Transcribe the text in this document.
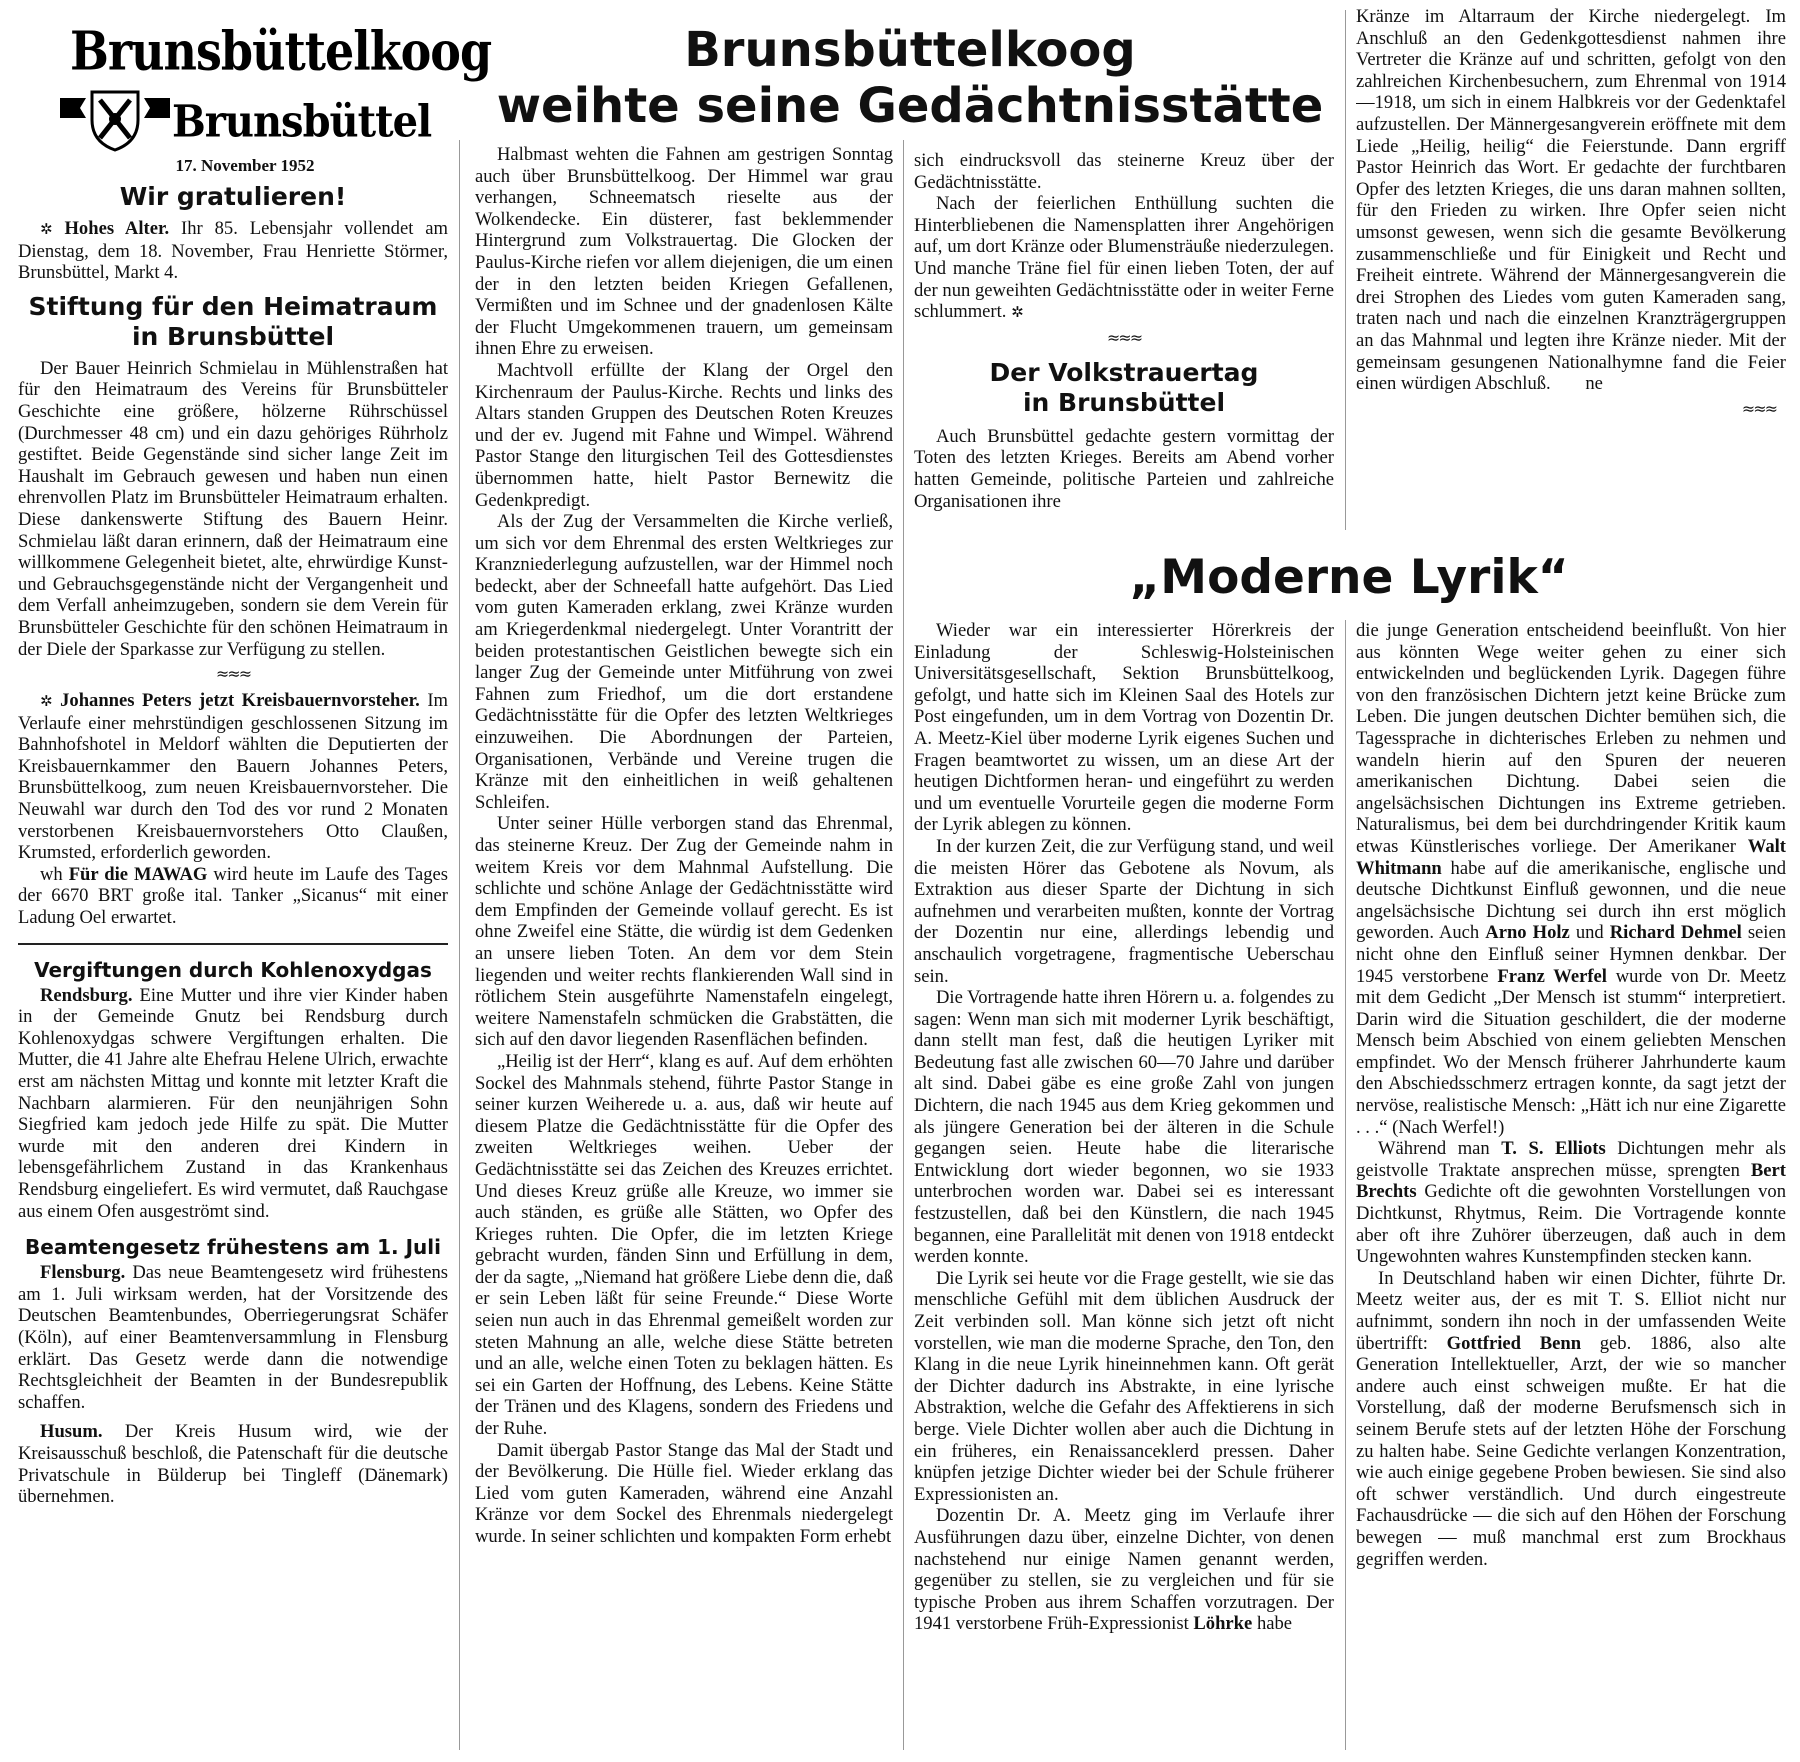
Brunsbüttelkoog
Brunsbüttel
17. November 1952
Wir gratulieren!

✲ Hohes Alter. Ihr 85. Lebensjahr vollendet am Dienstag, dem 18. November, Frau Henriette Störmer, Brunsbüttel, Markt 4.

Stiftung für den Heimatraum
in Brunsbüttel

Der Bauer Heinrich Schmielau in Mühlenstraßen hat für den Heimatraum des Vereins für Brunsbütteler Geschichte eine größere, hölzerne Rührschüssel (Durchmesser 48 cm) und ein dazu gehöriges Rührholz gestiftet. Beide Gegenstände sind sicher lange Zeit im Haushalt im Gebrauch gewesen und haben nun einen ehrenvollen Platz im Brunsbütteler Heimatraum erhalten. Diese dankenswerte Stiftung des Bauern Heinr. Schmielau läßt daran erinnern, daß der Heimatraum eine willkommene Gelegenheit bietet, alte, ehrwürdige Kunst- und Gebrauchsgegenstände nicht der Vergangenheit und dem Verfall anheimzugeben, sondern sie dem Verein für Brunsbütteler Geschichte für den schönen Heimatraum in der Diele der Sparkasse zur Verfügung zu stellen.

≈≈≈

✲ Johannes Peters jetzt Kreisbauernvorsteher. Im Verlaufe einer mehrstündigen geschlossenen Sitzung im Bahnhofshotel in Meldorf wählten die Deputierten der Kreisbauernkammer den Bauern Johannes Peters, Brunsbüttelkoog, zum neuen Kreisbauernvorsteher. Die Neuwahl war durch den Tod des vor rund 2 Monaten verstorbenen Kreisbauernvorstehers Otto Claußen, Krumsted, erforderlich geworden.

wh Für die MAWAG wird heute im Laufe des Tages der 6670 BRT große ital. Tanker „Sicanus“ mit einer Ladung Oel erwartet.

Vergiftungen durch Kohlenoxydgas

Rendsburg. Eine Mutter und ihre vier Kinder haben in der Gemeinde Gnutz bei Rendsburg durch Kohlenoxydgas schwere Vergiftungen erhalten. Die Mutter, die 41 Jahre alte Ehefrau Helene Ulrich, erwachte erst am nächsten Mittag und konnte mit letzter Kraft die Nachbarn alarmieren. Für den neunjährigen Sohn Siegfried kam jedoch jede Hilfe zu spät. Die Mutter wurde mit den anderen drei Kindern in lebensgefährlichem Zustand in das Krankenhaus Rendsburg eingeliefert. Es wird vermutet, daß Rauchgase aus einem Ofen ausgeströmt sind.

Beamtengesetz frühestens am 1. Juli

Flensburg. Das neue Beamtengesetz wird frühestens am 1. Juli wirksam werden, hat der Vorsitzende des Deutschen Beamtenbundes, Oberriegerungsrat Schäfer (Köln), auf einer Beamtenversammlung in Flensburg erklärt. Das Gesetz werde dann die notwendige Rechtsgleichheit der Beamten in der Bundesrepublik schaffen.

Husum. Der Kreis Husum wird, wie der Kreisausschuß beschloß, die Patenschaft für die deutsche Privatschule in Bülderup bei Tingleff (Dänemark) übernehmen.

Brunsbüttelkoog
weihte seine Gedächtnisstätte

Halbmast wehten die Fahnen am gestrigen Sonntag auch über Brunsbüttelkoog. Der Himmel war grau verhangen, Schneematsch rieselte aus der Wolkendecke. Ein düsterer, fast beklemmender Hintergrund zum Volkstrauertag. Die Glocken der Paulus-Kirche riefen vor allem diejenigen, die um einen der in den letzten beiden Kriegen Gefallenen, Vermißten und im Schnee und der gnadenlosen Kälte der Flucht Umgekommenen trauern, um gemeinsam ihnen Ehre zu erweisen.

Machtvoll erfüllte der Klang der Orgel den Kirchenraum der Paulus-Kirche. Rechts und links des Altars standen Gruppen des Deutschen Roten Kreuzes und der ev. Jugend mit Fahne und Wimpel. Während Pastor Stange den liturgischen Teil des Gottesdienstes übernommen hatte, hielt Pastor Bernewitz die Gedenkpredigt.

Als der Zug der Versammelten die Kirche verließ, um sich vor dem Ehrenmal des ersten Weltkrieges zur Kranzniederlegung aufzustellen, war der Himmel noch bedeckt, aber der Schneefall hatte aufgehört. Das Lied vom guten Kameraden erklang, zwei Kränze wurden am Kriegerdenkmal niedergelegt. Unter Vorantritt der beiden protestantischen Geistlichen bewegte sich ein langer Zug der Gemeinde unter Mitführung von zwei Fahnen zum Friedhof, um die dort erstandene Gedächtnisstätte für die Opfer des letzten Weltkrieges einzuweihen. Die Abordnungen der Parteien, Organisationen, Verbände und Vereine trugen die Kränze mit den einheitlichen in weiß gehaltenen Schleifen.

Unter seiner Hülle verborgen stand das Ehrenmal, das steinerne Kreuz. Der Zug der Gemeinde nahm in weitem Kreis vor dem Mahnmal Aufstellung. Die schlichte und schöne Anlage der Gedächtnisstätte wird dem Empfinden der Gemeinde vollauf gerecht. Es ist ohne Zweifel eine Stätte, die würdig ist dem Gedenken an unsere lieben Toten. An dem vor dem Stein liegenden und weiter rechts flankierenden Wall sind in rötlichem Stein ausgeführte Namenstafeln eingelegt, weitere Namenstafeln schmücken die Grabstätten, die sich auf den davor liegenden Rasenflächen befinden.

„Heilig ist der Herr“, klang es auf. Auf dem erhöhten Sockel des Mahnmals stehend, führte Pastor Stange in seiner kurzen Weiherede u. a. aus, daß wir heute auf diesem Platze die Gedächtnisstätte für die Opfer des zweiten Weltkrieges weihen. Ueber der Gedächtnisstätte sei das Zeichen des Kreuzes errichtet. Und dieses Kreuz grüße alle Kreuze, wo immer sie auch ständen, es grüße alle Stätten, wo Opfer des Krieges ruhten. Die Opfer, die im letzten Kriege gebracht wurden, fänden Sinn und Erfüllung in dem, der da sagte, „Niemand hat größere Liebe denn die, daß er sein Leben läßt für seine Freunde.“ Diese Worte seien nun auch in das Ehrenmal gemeißelt worden zur steten Mahnung an alle, welche diese Stätte betreten und an alle, welche einen Toten zu beklagen hätten. Es sei ein Garten der Hoffnung, des Lebens. Keine Stätte der Tränen und des Klagens, sondern des Friedens und der Ruhe.

Damit übergab Pastor Stange das Mal der Stadt und der Bevölkerung. Die Hülle fiel. Wieder erklang das Lied vom guten Kameraden, während eine Anzahl Kränze vor dem Sockel des Ehrenmals niedergelegt wurde. In seiner schlichten und kompakten Form erhebt

sich eindrucksvoll das steinerne Kreuz über der Gedächtnisstätte.

Nach der feierlichen Enthüllung suchten die Hinterbliebenen die Namensplatten ihrer Angehörigen auf, um dort Kränze oder Blumensträuße niederzulegen. Und manche Träne fiel für einen lieben Toten, der auf der nun geweihten Gedächtnisstätte oder in weiter Ferne schlummert. ✲

≈≈≈
Der Volkstrauertag
in Brunsbüttel

Auch Brunsbüttel gedachte gestern vormittag der Toten des letzten Krieges. Bereits am Abend vorher hatten Gemeinde, politische Parteien und zahlreiche Organisationen ihre

Kränze im Altarraum der Kirche niedergelegt. Im Anschluß an den Gedenkgottesdienst nahmen ihre Vertreter die Kränze auf und schritten, gefolgt von den zahlreichen Kirchenbesuchern, zum Ehrenmal von 1914—1918, um sich in einem Halbkreis vor der Gedenktafel aufzustellen. Der Männergesangverein eröffnete mit dem Liede „Heilig, heilig“ die Feierstunde. Dann ergriff Pastor Heinrich das Wort. Er gedachte der furchtbaren Opfer des letzten Krieges, die uns daran mahnen sollten, für den Frieden zu wirken. Ihre Opfer seien nicht umsonst gewesen, wenn sich die gesamte Bevölkerung zusammenschließe und für Einigkeit und Recht und Freiheit eintrete. Während der Männergesangverein die drei Strophen des Liedes vom guten Kameraden sang, traten nach und nach die einzelnen Kranzträgergruppen an das Mahnmal und legten ihre Kränze nieder. Mit der gemeinsam gesungenen Nationalhymne fand die Feier einen würdigen Abschluß. ne

≈≈≈
„Moderne Lyrik“

Wieder war ein interessierter Hörerkreis der Einladung der Schleswig-Holsteinischen Universitätsgesellschaft, Sektion Brunsbüttelkoog, gefolgt, und hatte sich im Kleinen Saal des Hotels zur Post eingefunden, um in dem Vortrag von Dozentin Dr. A. Meetz-Kiel über moderne Lyrik eigenes Suchen und Fragen beamtwortet zu wissen, um an diese Art der heutigen Dichtformen heran- und eingeführt zu werden und um eventuelle Vorurteile gegen die moderne Form der Lyrik ablegen zu können.

In der kurzen Zeit, die zur Verfügung stand, und weil die meisten Hörer das Gebotene als Novum, als Extraktion aus dieser Sparte der Dichtung in sich aufnehmen und verarbeiten mußten, konnte der Vortrag der Dozentin nur eine, allerdings lebendig und anschaulich vorgetragene, fragmentische Ueberschau sein.

Die Vortragende hatte ihren Hörern u. a. folgendes zu sagen: Wenn man sich mit moderner Lyrik beschäftigt, dann stellt man fest, daß die heutigen Lyriker mit Bedeutung fast alle zwischen 60—70 Jahre und darüber alt sind. Dabei gäbe es eine große Zahl von jungen Dichtern, die nach 1945 aus dem Krieg gekommen und als jüngere Generation bei der älteren in die Schule gegangen seien. Heute habe die literarische Entwicklung dort wieder begonnen, wo sie 1933 unterbrochen worden war. Dabei sei es interessant festzustellen, daß bei den Künstlern, die nach 1945 begannen, eine Parallelität mit denen von 1918 entdeckt werden konnte.

Die Lyrik sei heute vor die Frage gestellt, wie sie das menschliche Gefühl mit dem üblichen Ausdruck der Zeit verbinden soll. Man könne sich jetzt oft nicht vorstellen, wie man die moderne Sprache, den Ton, den Klang in die neue Lyrik hineinnehmen kann. Oft gerät der Dichter dadurch ins Abstrakte, in eine lyrische Abstraktion, welche die Gefahr des Affektierens in sich berge. Viele Dichter wollen aber auch die Dichtung in ein früheres, ein Renaissanceklerd pressen. Daher knüpfen jetzige Dichter wieder bei der Schule früherer Expressionisten an.

Dozentin Dr. A. Meetz ging im Verlaufe ihrer Ausführungen dazu über, einzelne Dichter, von denen nachstehend nur einige Namen genannt werden, gegenüber zu stellen, sie zu vergleichen und für sie typische Proben aus ihrem Schaffen vorzutragen. Der 1941 verstorbene Früh-Expressionist Löhrke habe

die junge Generation entscheidend beeinflußt. Von hier aus könnten Wege weiter gehen zu einer sich entwickelnden und beglückenden Lyrik. Dagegen führe von den französischen Dichtern jetzt keine Brücke zum Leben. Die jungen deutschen Dichter bemühen sich, die Tagessprache in dichterisches Erleben zu nehmen und wandeln hierin auf den Spuren der neueren amerikanischen Dichtung. Dabei seien die angelsächsischen Dichtungen ins Extreme getrieben. Naturalismus, bei dem bei durchdringender Kritik kaum etwas Künstlerisches vorliege. Der Amerikaner Walt Whitmann habe auf die amerikanische, englische und deutsche Dichtkunst Einfluß gewonnen, und die neue angelsächsische Dichtung sei durch ihn erst möglich geworden. Auch Arno Holz und Richard Dehmel seien nicht ohne den Einfluß seiner Hymnen denkbar. Der 1945 verstorbene Franz Werfel wurde von Dr. Meetz mit dem Gedicht „Der Mensch ist stumm“ interpretiert. Darin wird die Situation geschildert, die der moderne Mensch beim Abschied von einem geliebten Menschen empfindet. Wo der Mensch früherer Jahrhunderte kaum den Abschiedsschmerz ertragen konnte, da sagt jetzt der nervöse, realistische Mensch: „Hätt ich nur eine Zigarette . . .“ (Nach Werfel!)

Während man T. S. Elliots Dichtungen mehr als geistvolle Traktate ansprechen müsse, sprengten Bert Brechts Gedichte oft die gewohnten Vorstellungen von Dichtkunst, Rhytmus, Reim. Die Vortragende konnte aber oft ihre Zuhörer überzeugen, daß auch in dem Ungewohnten wahres Kunstempfinden stecken kann.

In Deutschland haben wir einen Dichter, führte Dr. Meetz weiter aus, der es mit T. S. Elliot nicht nur aufnimmt, sondern ihn noch in der umfassenden Weite übertrifft: Gottfried Benn geb. 1886, also alte Generation Intellektueller, Arzt, der wie so mancher andere auch einst schweigen mußte. Er hat die Vorstellung, daß der moderne Berufsmensch sich in seinem Berufe stets auf der letzten Höhe der Forschung zu halten habe. Seine Gedichte verlangen Konzentration, wie auch einige gegebene Proben bewiesen. Sie sind also oft schwer verständlich. Und durch eingestreute Fachausdrücke — die sich auf den Höhen der Forschung bewegen — muß manchmal erst zum Brockhaus gegriffen werden.
